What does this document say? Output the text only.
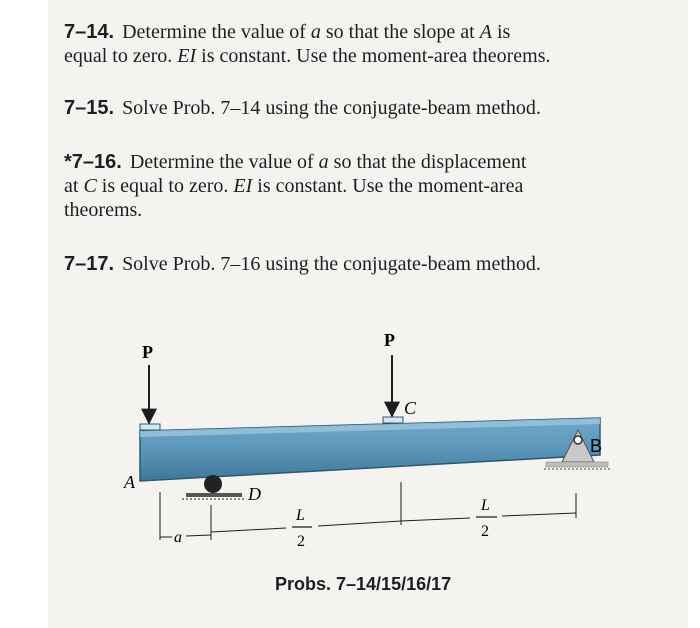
7–14. Determine the value of a so that the slope at A is
equal to zero. EI is constant. Use the moment-area theorems.
7–15. Solve Prob. 7–14 using the conjugate-beam method.
*7–16. Determine the value of a so that the displacement
at C is equal to zero. EI is constant. Use the moment-area
theorems.
7–17. Solve Prob. 7–16 using the conjugate-beam method.
P
P
C
A
D
B
a
L
2
L
2
Probs. 7–14/15/16/17
